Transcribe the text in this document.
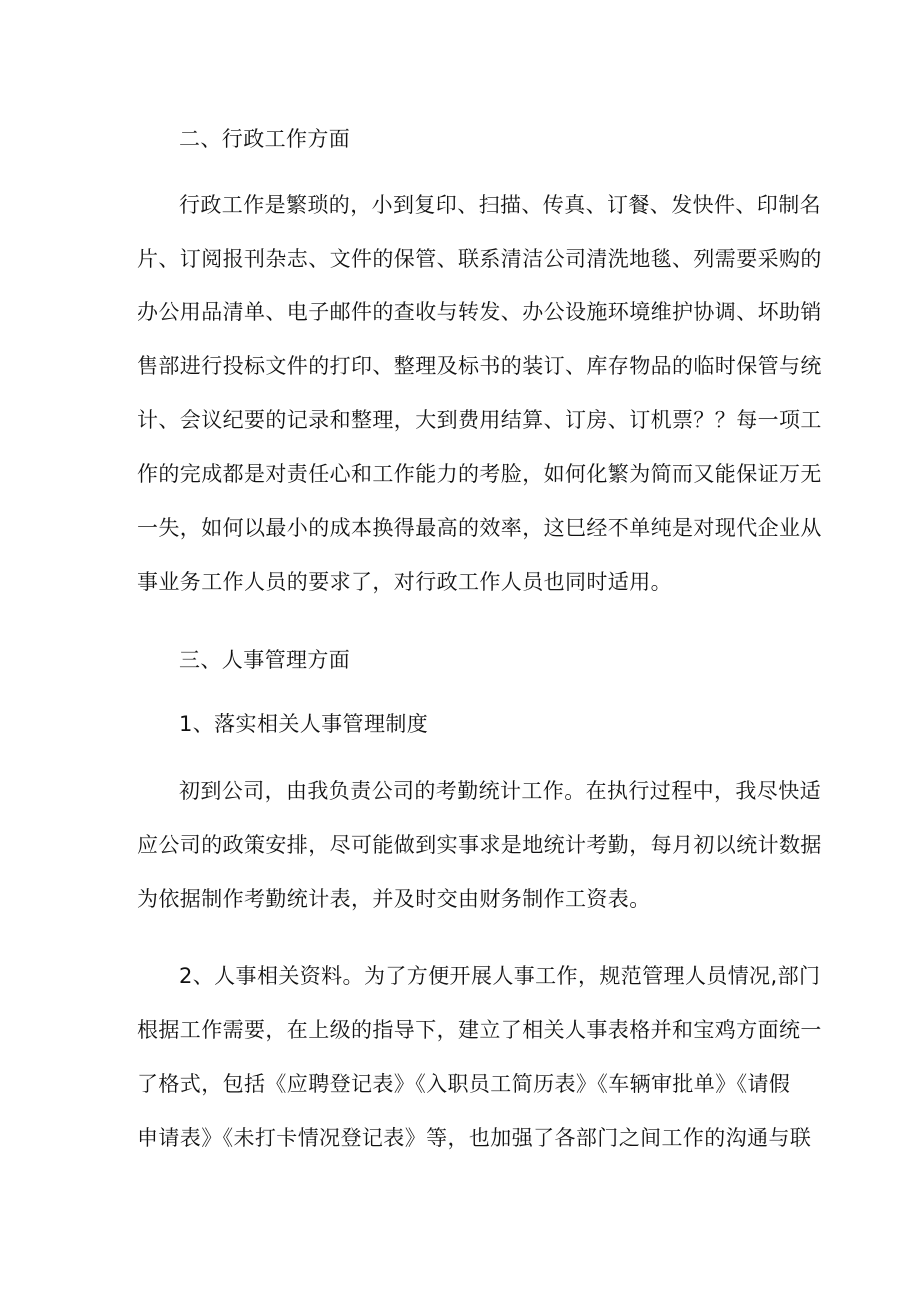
二、行政工作方面
行政工作是繁琐的，小到复印、扫描、传真、订餐、发快件、印制名
片、订阅报刊杂志、文件的保管、联系清洁公司清洗地毯、列需要采购的
办公用品清单、电子邮件的查收与转发、办公设施环境维护协调、坏助销
售部进行投标文件的打印、整理及标书的装订、库存物品的临时保管与统
计、会议纪要的记录和整理，大到费用结算、订房、订机票？？每一项工
作的完成都是对责任心和工作能力的考脸，如何化繁为简而又能保证万无
一失，如何以最小的成本换得最高的效率，这巳经不单纯是对现代企业从
事业务工作人员的要求了，对行政工作人员也同时适用。
三、人事管理方面
1、落实相关人事管理制度
初到公司，由我负责公司的考勤统计工作。在执行过程中，我尽快适
应公司的政策安排，尽可能做到实事求是地统计考勤，每月初以统计数据
为依据制作考勤统计表，并及时交由财务制作工资表。
2、人事相关资料。为了方便开展人事工作，规范管理人员情况,部门
根据工作需要，在上级的指导下，建立了相关人事表格并和宝鸡方面统一
了格式，包括《应聘登记表》《入职员工简历表》《车辆审批单》《请假
申请表》《未打卡情况登记表》等，也加强了各部门之间工作的沟通与联
